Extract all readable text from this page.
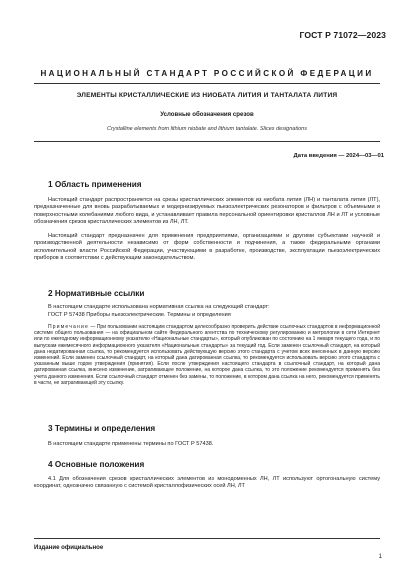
ГОСТ Р 71072—2023
НАЦИОНАЛЬНЫЙ СТАНДАРТ РОССИЙСКОЙ ФЕДЕРАЦИИ
ЭЛЕМЕНТЫ КРИСТАЛЛИЧЕСКИЕ ИЗ НИОБАТА ЛИТИЯ И ТАНТАЛАТА ЛИТИЯ
Условные обозначения срезов
Crystalline elements from lithium niobate and lithium tantalate. Slices designations
Дата введения — 2024—03—01
1 Область применения
Настоящий стандарт распространяется на срезы кристаллических элементов из ниобата лития (ЛН) и танталата лития (ЛТ), предназначенные для вновь разрабатываемых и модернизируемых пьезоэлектрических резонаторов и фильтров с объемными и поверхностными колебаниями любого вида, и устанавливает правила персональной ориентировки кристаллов ЛН и ЛТ и условные обозначения срезов кристаллических элементов из ЛН, ЛТ.
Настоящий стандарт предназначен для применения предприятиями, организациями и другими субъектами научной и производственной деятельности независимо от форм собственности и подчинения, а также федеральными органами исполнительной власти Российской Федерации, участвующими в разработке, производстве, эксплуатации пьезоэлектрических приборов в соответствии с действующим законодательством.
2 Нормативные ссылки
В настоящем стандарте использована нормативная ссылка на следующий стандарт:
ГОСТ Р 57438 Приборы пьезоэлектрические. Термины и определения
Примечание — При пользовании настоящим стандартом целесообразно проверить действие ссылочных стандартов в информационной системе общего пользования — на официальном сайте Федерального агентства по техническому регулированию и метрологии в сети Интернет или по ежегодному информационному указателю «Национальные стандарты», который опубликован по состоянию на 1 января текущего года, и по выпускам ежемесячного информационного указателя «Национальные стандарты» за текущий год. Если заменен ссылочный стандарт, на который дана недатированная ссылка, то рекомендуется использовать действующую версию этого стандарта с учетом всех внесенных в данную версию изменений. Если заменен ссылочный стандарт, на который дана датированная ссылка, то рекомендуется использовать версию этого стандарта с указанным выше годом утверждения (принятия). Если после утверждения настоящего стандарта в ссылочный стандарт, на который дана датированная ссылка, внесено изменение, затрагивающее положение, на которое дана ссылка, то это положение рекомендуется применять без учета данного изменения. Если ссылочный стандарт отменен без замены, то положение, в котором дана ссылка на него, рекомендуется применять в части, не затрагивающей эту ссылку.
3 Термины и определения
В настоящем стандарте применены термины по ГОСТ Р 57438.
4 Основные положения
4.1 Для обозначения срезов кристаллических элементов из монодоменных ЛН, ЛТ используют ортогональную систему координат, однозначно связанную с системой кристаллофизических осей ЛН, ЛТ
Издание официальное
1
